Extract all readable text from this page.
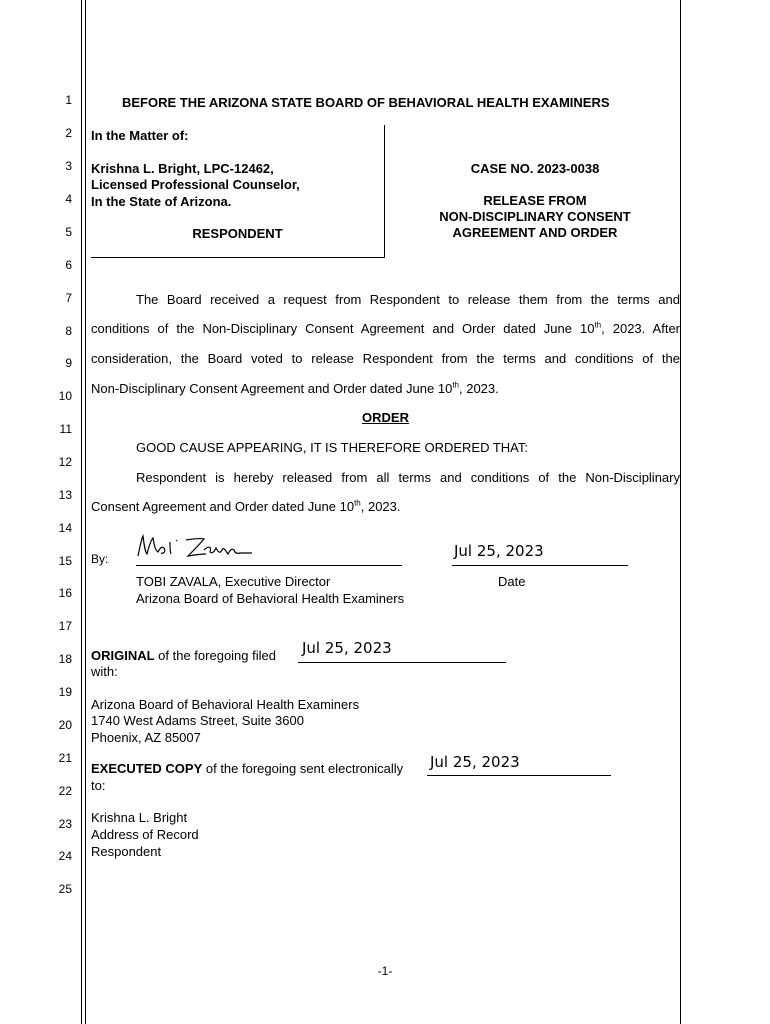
1
2
3
4
5
6
7
8
9
10
11
12
13
14
15
16
17
18
19
20
21
22
23
24
25
BEFORE THE ARIZONA STATE BOARD OF BEHAVIORAL HEALTH EXAMINERS
In the Matter of:
Krishna L. Bright, LPC-12462,
Licensed Professional Counselor,
In the State of Arizona.
RESPONDENT
CASE NO. 2023-0038
RELEASE FROM
NON-DISCIPLINARY CONSENT
AGREEMENT AND ORDER
The Board received a request from Respondent to release them from the terms and
conditions of the Non-Disciplinary Consent Agreement and Order dated June 10th, 2023. After
consideration, the Board voted to release Respondent from the terms and conditions of the
Non-Disciplinary Consent Agreement and Order dated June 10th, 2023.
ORDER
GOOD CAUSE APPEARING, IT IS THEREFORE ORDERED THAT:
Respondent is hereby released from all terms and conditions of the Non-Disciplinary
Consent Agreement and Order dated June 10th, 2023.
By:	Jul 25, 2023
TOBI ZAVALA, Executive Director
Arizona Board of Behavioral Health Examiners
Date
ORIGINAL of the foregoing filed Jul 25, 2023
with:
Arizona Board of Behavioral Health Examiners
1740 West Adams Street, Suite 3600
Phoenix, AZ 85007
EXECUTED COPY of the foregoing sent electronically Jul 25, 2023
to:
Krishna L. Bright
Address of Record
Respondent
-1-
